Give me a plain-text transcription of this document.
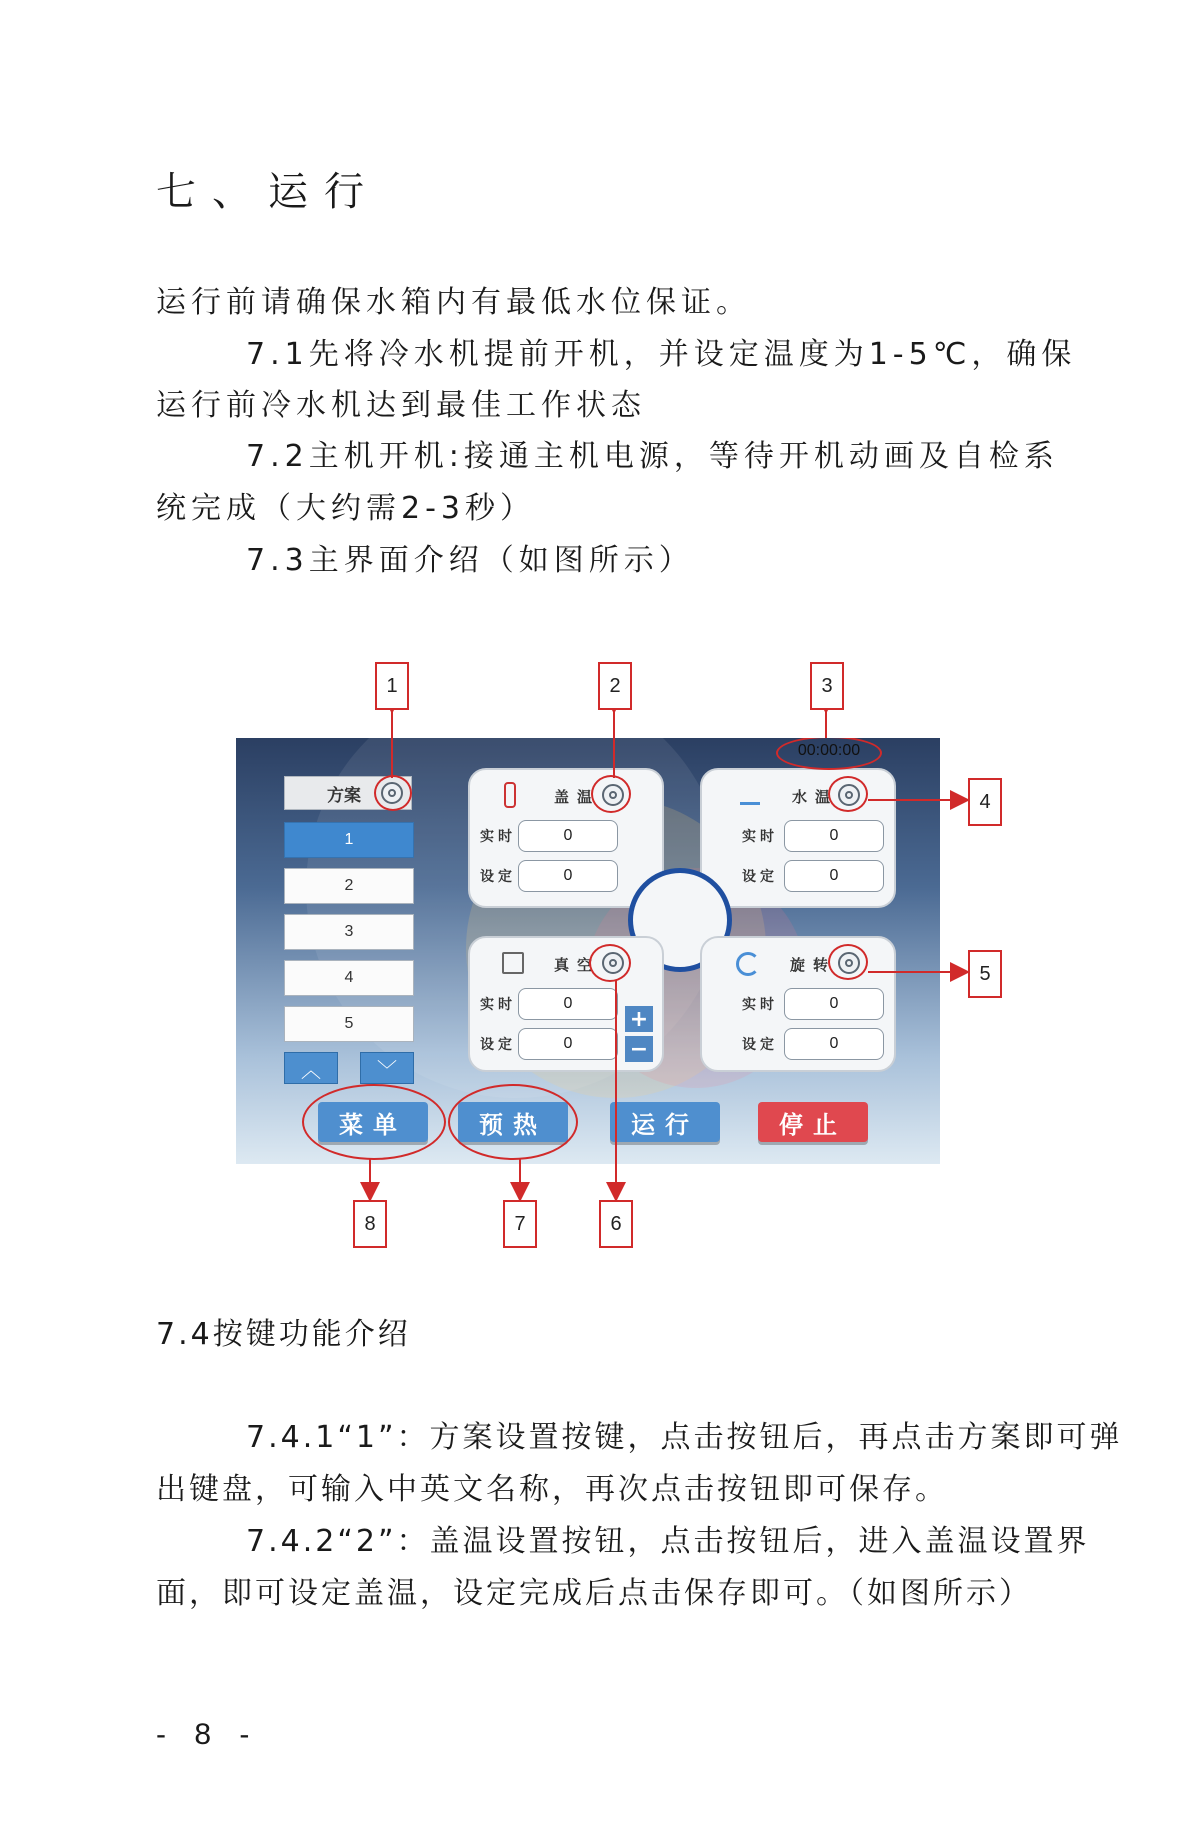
七、运行
运行前请确保水箱内有最低水位保证。
7.1先将冷水机提前开机，并设定温度为1-5℃，确保
运行前冷水机达到最佳工作状态
7.2主机开机:接通主机电源，等待开机动画及自检系
统完成（大约需2-3秒）
7.3主界面介绍（如图所示）
00:00:00
方案
1
2
3
4
5
︿	﹀
盖温
实时	0
设定	0
水温
实时	0
设定	0
真空
实时	0
设定	0
+
−
旋转
实时	0
设定	0
菜单	预热	运行	停止
1	2	3
4
5
6
7
8
7.4按键功能介绍
7.4.1“1”：方案设置按键，点击按钮后，再点击方案即可弹
出键盘，可输入中英文名称，再次点击按钮即可保存。
7.4.2“2”：盖温设置按钮，点击按钮后，进入盖温设置界
面，即可设定盖温，设定完成后点击保存即可。（如图所示）
- 8 -
